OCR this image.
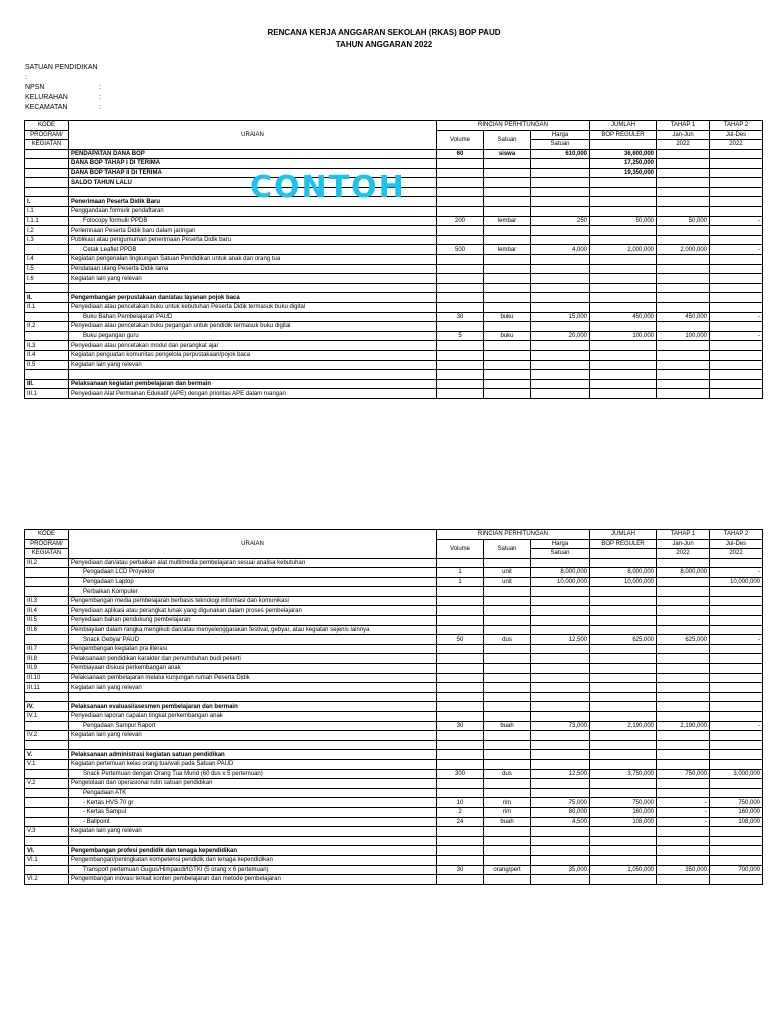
RENCANA KERJA ANGGARAN SEKOLAH (RKAS) BOP PAUD
TAHUN ANGGARAN 2022
SATUAN PENDIDIKAN :
NPSN	:
KELURAHAN	:
KECAMATAN	:
KODE	URAIAN	RINCIAN PERHITUNGAN			JUMLAH	TAHAP 1	TAHAP 2
PROGRAM/		Volume	Satuan	Harga	BOP REGULER	Jan-Jun	Jul-Des
KEGIATAN				Satuan		2022	2022
	PENDAPATAN DANA BOP	60	siswa	610,000	36,600,000		
	DANA BOP TAHAP I DI TERIMA				17,250,000		
	DANA BOP TAHAP II DI TERIMA				19,350,000		
	SALDO TAHUN LALU						

I.	Penerimaan Peserta Didik Baru						
I.1	Penggandaan formulir pendaftaran						
I.1.1	Fotocopy formulir PPDB	200	lembar	250	50,000	50,000	-
I.2	Perlemnaan Peserta Didik baru dalam jaringan						
I.3	Publikasi atau pengumuman penerimaan Peserta Didik baru						
	Cetak Leaflet PPDB	500	lembar	4,000	2,000,000	2,000,000	-
I.4	Kegiatan pengenalan lingkungan Satuan Pendidikan untuk anak dan orang tua						
I.5	Pendataan ulang Peserta Didik lama						
I.6	Kegiatan lain yang relevan						

II.	Pengembangan perpustakaan dan/atau layanan pojok baca						
II.1	Penyediaan atau pencetakan buku untuk kebutuhan Peserta Didik termasuk buku digital						
	Buku Bahan Pembelajaran PAUD	30	buku	15,000	450,000	450,000	-
II.2	Penyediaan atau pencetakan buku pegangan untuk pendidik termasuk buku digital						
	Buku pegangan guru	5	buku	20,000	100,000	100,000	-
II.3	Penyediaan atau pencetakan modul dan perangkat ajar						
II.4	Kegiatan penguatan komunitas pengelola perpustakaan/pojok baca						
II.5	Kegiatan lain yang relevan						

III.	Pelaksanaan kegiatan pembelajaran dan bermain						
III.1	Penyediaan Alat Permainan Edukatif (APE) dengan prioritas APE dalam ruangan						
CONTOH
KODE	URAIAN	RINCIAN PERHITUNGAN			JUMLAH	TAHAP 1	TAHAP 2
PROGRAM/		Volume	Satuan	Harga	BOP REGULER	Jan-Jun	Jul-Des
KEGIATAN				Satuan		2022	2022
III.2	Penyediaan dan/atau perbaikan alat multimedia pembelajaran sesuai analisa kebutuhan						
	Pengadaan LCD Proyektor	1	unit	8,000,000	8,000,000	8,000,000	-
	Pengadaan Laptop	1	unit	10,000,000	10,000,000		10,000,000
	Perbaikan Komputer						
III.3	Pengembangan media pembelajaran berbasis teknologi informasi dan komunikasi						
III.4	Penyediaan aplikasi atau perangkat lunak yang digunakan dalam proses pembelajaran						
III.5	Penyediaan bahan pendukung pembelajaran						
III.6	Pembiayaan dalam rangka mengikuti dan/atau menyelenggarakan festival, gebyar, atau kegiatan sejenis lainnya						
	Snack Gebyar PAUD	50	dus	12,500	625,000	625,000	-
III.7	Pengembangan kegiatan pra literasi						
III.8	Pelaksanaan pendidikan karakter dan penumbuhan budi pekerti						
III.9	Pembiayaan diskusi perkembangan anak						
III.10	Pelaksanaan pembelajaran melalui kunjungan rumah Peserta Didik						
III.11	Kegiatan lain yang relevan						

IV.	Pelaksanaan evaluasi/asesmen pembelajaran dan bermain						
IV.1	Penyediaan laporan capaian tingkat perkembangan anak						
	Pengadaan Sampul Raport	30	buah	73,000	2,190,000	2,190,000	-
IV.2	Kegiatan lain yang relevan						

V.	Pelaksanaan administrasi kegiatan satuan pendidikan						
V.1	Kegiatan pertemuan kelas orang tua/wali pada Satuan PAUD						
	Snack Pertemuan dengan Orang Tua Murid (60 dus x 5 pertemuan)	300	dus	12,500	3,750,000	750,000	3,000,000
V.2	Pengelolaan dan operasional rutin satuan pendidikan						
	Pengadaan ATK						
	- Kertas HVS 70 gr	10	rim	75,000	750,000	-	750,000
	- Kertas Sampul	2	rim	80,000	160,000	-	160,000
	- Ballpoint	24	buah	4,500	108,000	-	108,000
V.3	Kegiatan lain yang relevan						

VI.	Pengembangan profesi pendidik dan tenaga kependidikan						
VI.1	Pengembangan/peningkatan kompetensi pendidik dan tenaga kependidikan						
	Transport pertemuan Gugus/Himpaudi/IGTKI (5 orang x 6 pertemuan)	30	orang/pert	35,000	1,050,000	350,000	700,000
VI.2	Pengembangan inovasi terkait konten pembelajaran dan metode pembelajaran						
